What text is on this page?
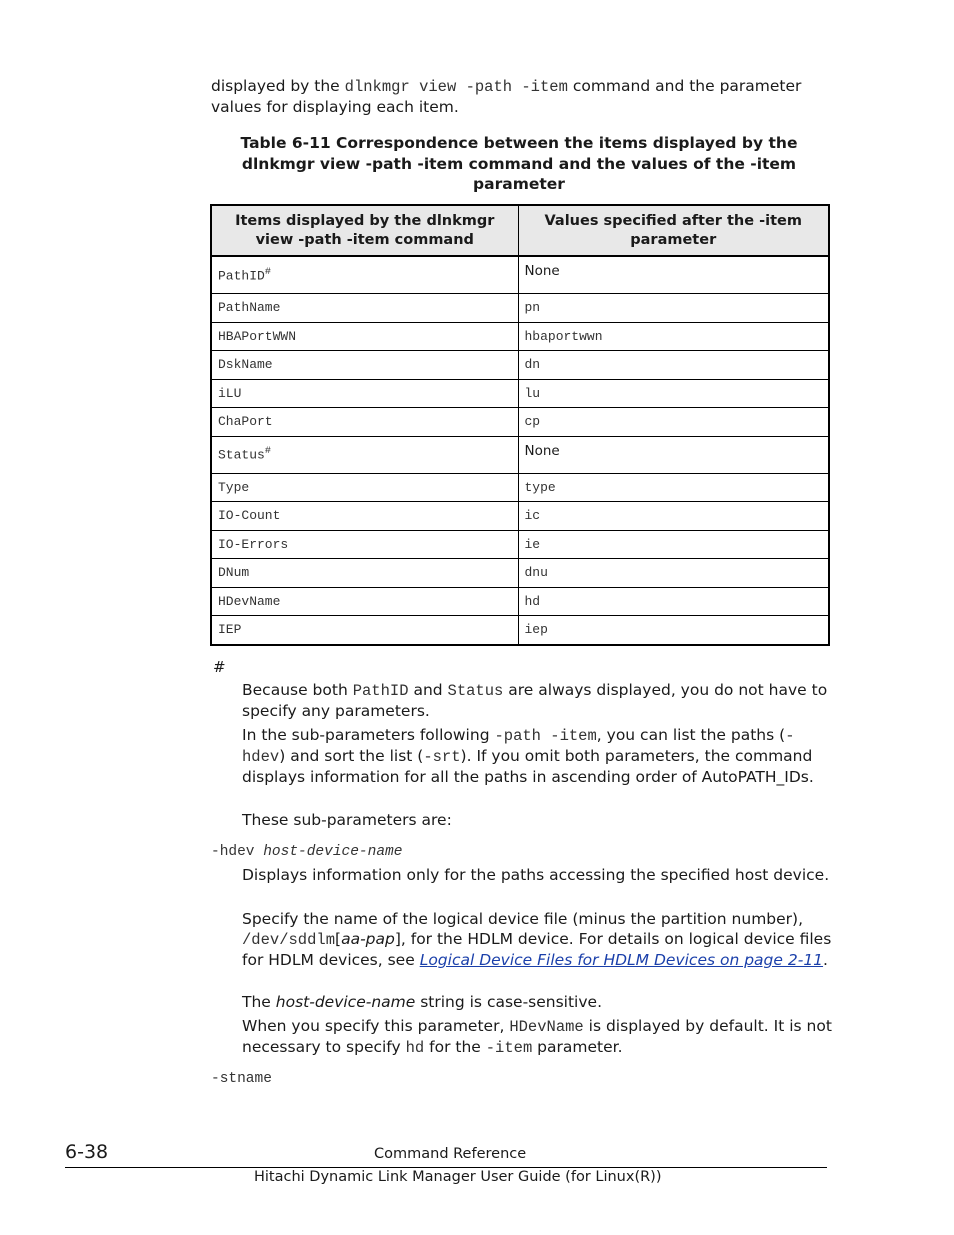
displayed by the dlnkmgr view -path -item command and the parameter values for displaying each item.
Table 6-11 Correspondence between the items displayed by the dlnkmgr view -path -item command and the values of the -item parameter
Items displayed by the dlnkmgr view -path -item command	Values specified after the -item parameter
PathID#	None
PathName	pn
HBAPortWWN	hbaportwwn
DskName	dn
iLU	lu
ChaPort	cp
Status#	None
Type	type
IO-Count	ic
IO-Errors	ie
DNum	dnu
HDevName	hd
IEP	iep
#
Because both PathID and Status are always displayed, you do not have to specify any parameters.
In the sub-parameters following -path -item, you can list the paths (-hdev) and sort the list (-srt). If you omit both parameters, the command displays information for all the paths in ascending order of AutoPATH_IDs.
These sub-parameters are:
-hdev host-device-name
Displays information only for the paths accessing the specified host device.
Specify the name of the logical device file (minus the partition number), /dev/sddlm[aa-pap], for the HDLM device. For details on logical device files for HDLM devices, see Logical Device Files for HDLM Devices on page 2-11.
The host-device-name string is case-sensitive.
When you specify this parameter, HDevName is displayed by default. It is not necessary to specify hd for the -item parameter.
-stname
6-38	Command Reference
Hitachi Dynamic Link Manager User Guide (for Linux(R))
